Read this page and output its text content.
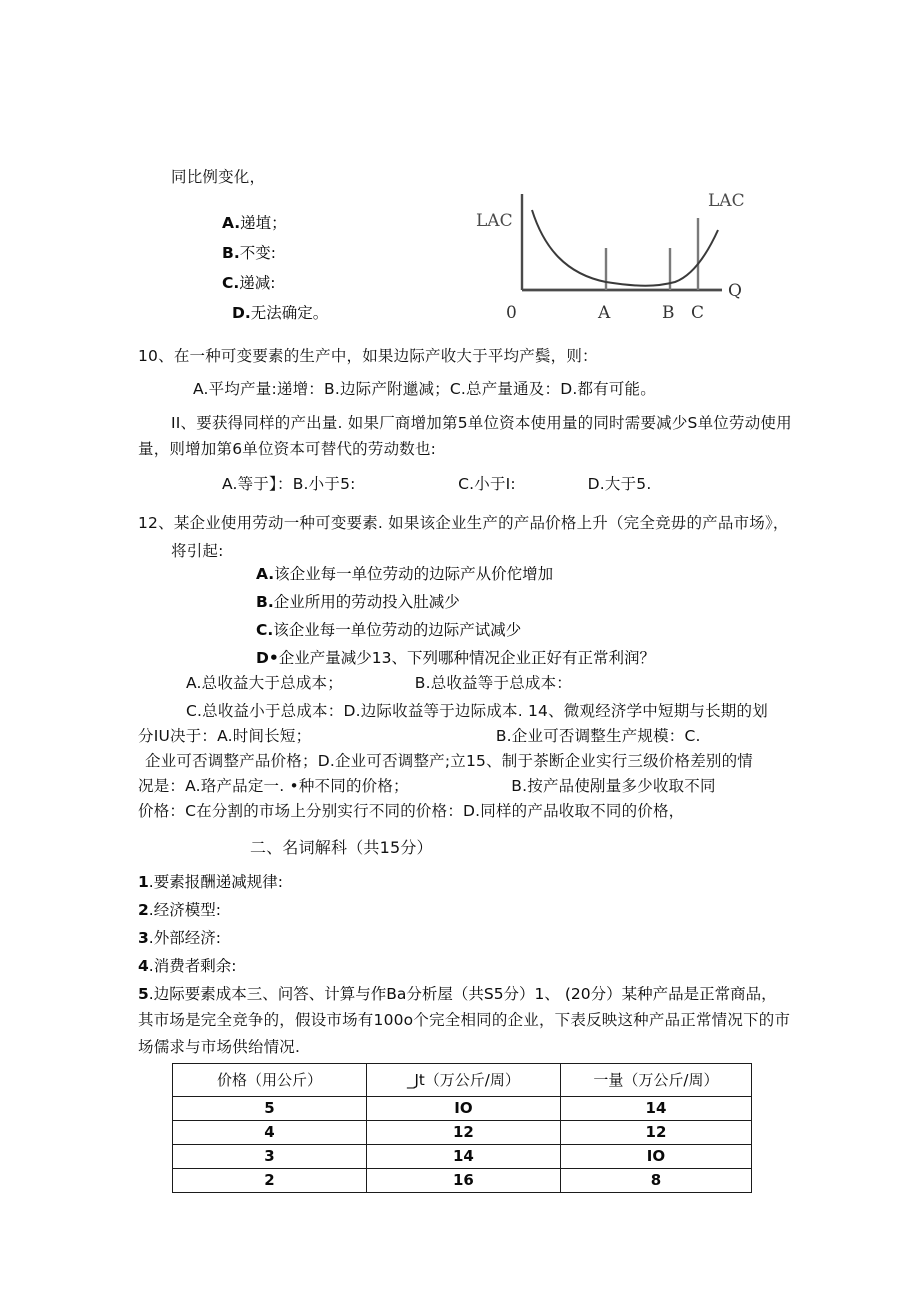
同比例变化，
A.递埴；
B.不变:
C.递减:
D.无法确定。
LAC
LAC
Q
0	A	B C
10、在一种可变要素的生产中，如果边际产收大于平均产鬓，则：
A.平均产量:递增：B.边际产附邋减；C.总产量通及：D.都有可能。
II、要获得同样的产出量. 如果厂商增加第5单位资本使用量的同时需要减少S单位劳动使用
量，则增加第6单位资本可替代的劳动数也:
A.等于】：B.小于5:                    C.小于I:              D.大于5.
12、某企业使用劳动一种可变要素. 如果该企业生产的产品价格上升（完全竞毋的产品市场》，
将引起:
A.该企业每一单位劳动的边际产从价佗增加
B.企业所用的劳动投入肚减少
C.该企业每一单位劳动的边际产试减少
D•企业产量减少13、下列哪种情况企业正好有正常利润？
A.总收益大于总成本；              B.总收益等于总成本：
C.总收益小于总成本：D.边际收益等于边际成本. 14、微观经济学中短期与长期的划
分IU决于：A.时间长短；                                    B.企业可否调整生产规模：C.
企业可否调整产品价格；D.企业可否调整产;立15、制于茶断企业实行三级价格差别的情
况是：A.珞产品定一. •种不同的价格；                    B.按产品使剐量多少收取不同
价格：C在分割的市场上分别实行不同的价格：D.同样的产品收取不同的价格，
二、名词解科（共15分）
1.要素报酬递减规律:
2.经济模型:
3.外部经济:
4.消费者剩余:
5.边际要素成本三、问答、计算与作Ba分析屋（共S5分）1、 (20分）某种产品是正常商品，
其市场是完全竞争的，假设市场有100o个完全相同的企业，下表反映这种产品正常情况下的市
场儒求与市场供绐情况.
价格（用公斤）	_Jt（万公斤/周）	一量（万公斤/周）
5	IO	14
4	12	12
3	14	IO
2	16	8
